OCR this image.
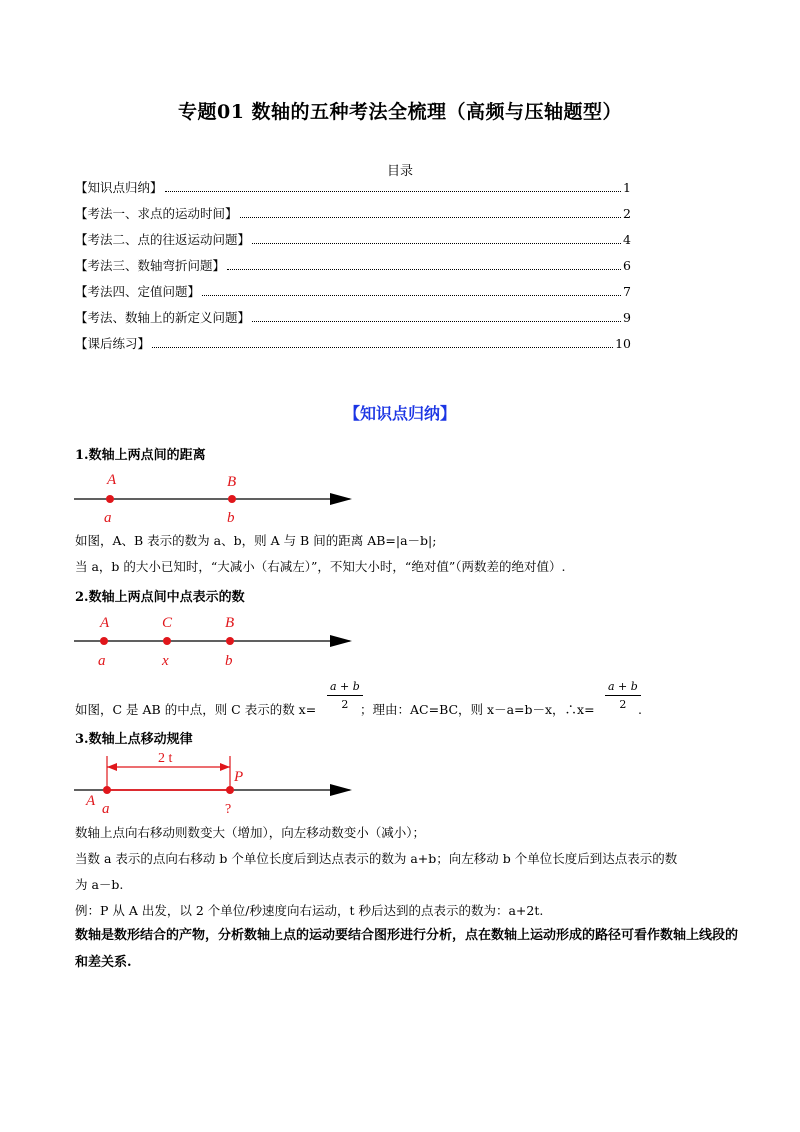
专题01 数轴的五种考法全梳理（高频与压轴题型）
目录
【知识点归纳】	1
【考法一、求点的运动时间】	2
【考法二、点的往返运动问题】	4
【考法三、数轴弯折问题】	6
【考法四、定值问题】	7
【考法、数轴上的新定义问题】	9
【课后练习】	10
【知识点归纳】
1.数轴上两点间的距离
A	B
a	b
A	C	B
a	x	b
2 t
P
A a	?
如图，A、B 表示的数为 a、b，则 A 与 B 间的距离 AB=|a－b|;
当 a，b 的大小已知时，“大减小（右减左）”，不知大小时，“绝对值”（两数差的绝对值）.
2.数轴上两点间中点表示的数
如图，C 是 AB 的中点，则 C 表示的数 x=
a + b
2 ；理由：AC=BC，则 x－a=b－x，∴x=
a + b
2 .
3.数轴上点移动规律
数轴上点向右移动则数变大（增加），向左移动数变小（减小）；
当数 a 表示的点向右移动 b 个单位长度后到达点表示的数为 a+b；向左移动 b 个单位长度后到达点表示的数
为 a－b.
例：P 从 A 出发，以 2 个单位/秒速度向右运动，t 秒后达到的点表示的数为：a+2t.
数轴是数形结合的产物，分析数轴上点的运动要结合图形进行分析，点在数轴上运动形成的路径可看作数轴上线段的和差关系.
